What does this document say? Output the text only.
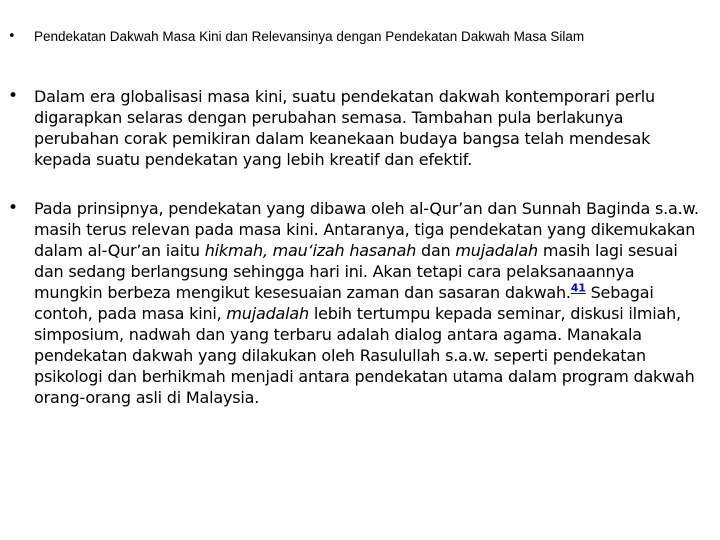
• Pendekatan Dakwah Masa Kini dan Relevansinya dengan Pendekatan Dakwah Masa Silam
• Dalam era globalisasi masa kini, suatu pendekatan dakwah kontemporari perlu digarapkan selaras dengan perubahan semasa. Tambahan pula berlakunya perubahan corak pemikiran dalam keanekaan budaya bangsa telah mendesak kepada suatu pendekatan yang lebih kreatif dan efektif.
• Pada prinsipnya, pendekatan yang dibawa oleh al-Qur’an dan Sunnah Baginda s.a.w. masih terus relevan pada masa kini. Antaranya, tiga pendekatan yang dikemukakan dalam al-Qur’an iaitu hikmah, mau‘izah hasanah dan mujadalah masih lagi sesuai dan sedang berlangsung sehingga hari ini. Akan tetapi cara pelaksanaannya mungkin berbeza mengikut kesesuaian zaman dan sasaran dakwah.$^{41}$ Sebagai contoh, pada masa kini, mujadalah lebih tertumpu kepada seminar, diskusi ilmiah, simposium, nadwah dan yang terbaru adalah dialog antara agama. Manakala pendekatan dakwah yang dilakukan oleh Rasulullah s.a.w. seperti pendekatan psikologi dan berhikmah menjadi antara pendekatan utama dalam program dakwah orang-orang asli di Malaysia.
